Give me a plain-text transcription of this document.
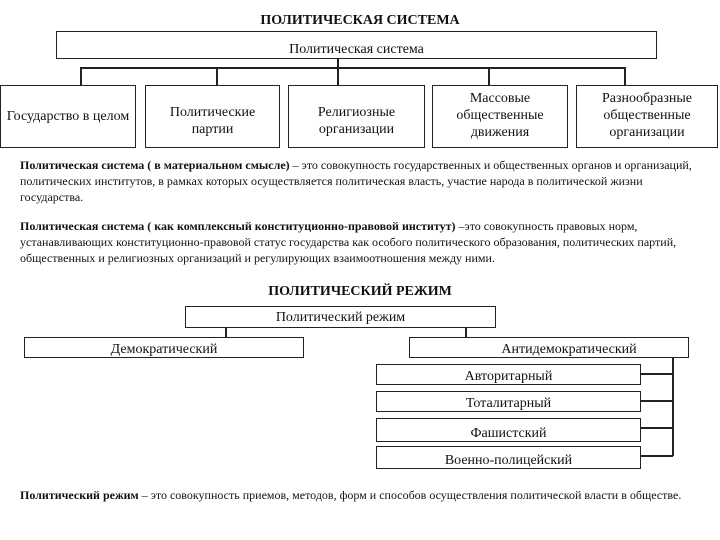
ПОЛИТИЧЕСКАЯ СИСТЕМА
Политическая система
Государство в целом	Политические партии
Религиозные организации
Массовые общественные движения
Разнообразные общественные организации
Политическая система ( в материальном смысле) – это совокупность государственных и общественных органов и организаций, политических институтов, в рамках которых осуществляется политическая власть, участие народа в политической жизни государства.
Политическая система ( как комплексный конституционно-правовой институт) –это совокупность правовых норм, устанавливающих конституционно-правовой статус государства как особого политического образования, политических партий, общественных и религиозных организаций и регулирующих взаимоотношения между ними.
ПОЛИТИЧЕСКИЙ РЕЖИМ
Политический режим
Демократический	Антидемократический
Авторитарный
Тоталитарный
Фашистский
Военно-полицейский
Политический режим – это совокупность приемов, методов, форм и способов осуществления политической власти в обществе.
